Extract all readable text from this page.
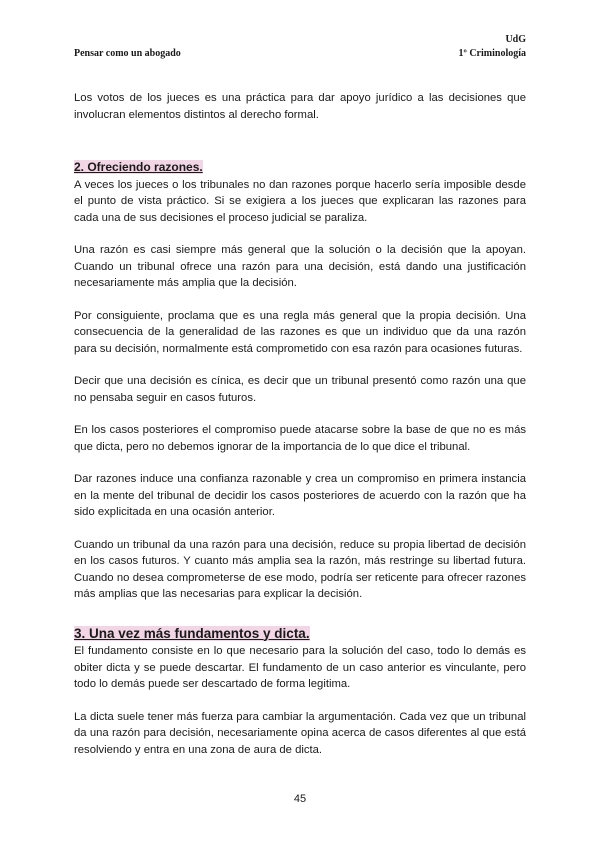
UdG
Pensar como un abogado	1º Criminología

Los votos de los jueces es una práctica para dar apoyo jurídico a las decisiones que involucran elementos distintos al derecho formal.

2. Ofreciendo razones.

A veces los jueces o los tribunales no dan razones porque hacerlo sería imposible desde el punto de vista práctico. Si se exigiera a los jueces que explicaran las razones para cada una de sus decisiones el proceso judicial se paraliza.

Una razón es casi siempre más general que la solución o la decisión que la apoyan. Cuando un tribunal ofrece una razón para una decisión, está dando una justificación necesariamente más amplia que la decisión.

Por consiguiente, proclama que es una regla más general que la propia decisión. Una consecuencia de la generalidad de las razones es que un individuo que da una razón para su decisión, normalmente está comprometido con esa razón para ocasiones futuras.

Decir que una decisión es cínica, es decir que un tribunal presentó como razón una que no pensaba seguir en casos futuros.

En los casos posteriores el compromiso puede atacarse sobre la base de que no es más que dicta, pero no debemos ignorar de la importancia de lo que dice el tribunal.

Dar razones induce una confianza razonable y crea un compromiso en primera instancia en la mente del tribunal de decidir los casos posteriores de acuerdo con la razón que ha sido explicitada en una ocasión anterior.

Cuando un tribunal da una razón para una decisión, reduce su propia libertad de decisión en los casos futuros. Y cuanto más amplia sea la razón, más restringe su libertad futura. Cuando no desea comprometerse de ese modo, podría ser reticente para ofrecer razones más amplias que las necesarias para explicar la decisión.

3. Una vez más fundamentos y dicta.

El fundamento consiste en lo que necesario para la solución del caso, todo lo demás es obiter dicta y se puede descartar. El fundamento de un caso anterior es vinculante, pero todo lo demás puede ser descartado de forma legitima.

La dicta suele tener más fuerza para cambiar la argumentación. Cada vez que un tribunal da una razón para decisión, necesariamente opina acerca de casos diferentes al que está resolviendo y entra en una zona de aura de dicta.

45
